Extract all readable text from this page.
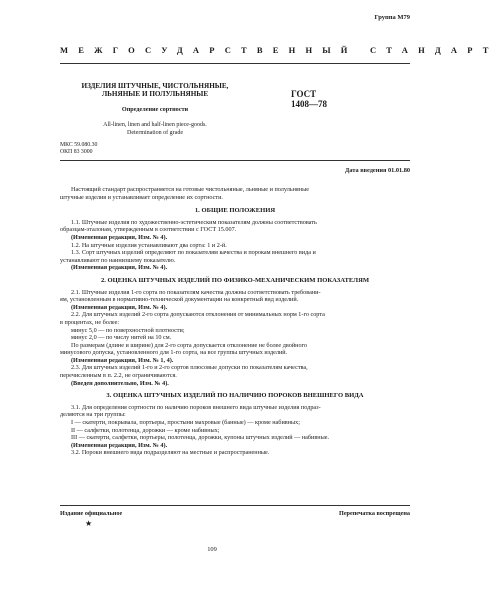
Группа М79
МЕЖГОСУДАРСТВЕННЫЙ СТАНДАРТ
ИЗДЕЛИЯ ШТУЧНЫЕ, ЧИСТОЛЬНЯНЫЕ,
ЛЬНЯНЫЕ И ПОЛУЛЬНЯНЫЕ
Определение сортности
All-linen, linen and half-linen piece-goods.
Determination of grade
ГОСТ
1408—78
МКС 59.080.30
ОКП 83 3000
Дата введения 01.01.80

Настоящий стандарт распространяется на готовые чистольняные, льняные и полульняные

штучные изделия и устанавливает определение их сортности.

1. ОБЩИЕ ПОЛОЖЕНИЯ

1.1. Штучные изделия по художественно-эстетическим показателям должны соответствовать

образцам-эталонам, утвержденным в соответствии с ГОСТ 15.007.

(Измененная редакция, Изм. № 4).

1.2. На штучные изделия устанавливают два сорта: 1 и 2-й.

1.3. Сорт штучных изделий определяют по показателям качества и порокам внешнего вида и

устанавливают по наинизшему показателю.

(Измененная редакция, Изм. № 4).

2. ОЦЕНКА ШТУЧНЫХ ИЗДЕЛИЙ ПО ФИЗИКО-МЕХАНИЧЕСКИМ ПОКАЗАТЕЛЯМ

2.1. Штучные изделия 1-го сорта по показателям качества должны соответствовать требовани-

ям, установленным в нормативно-технической документации на конкретный вид изделий.

(Измененная редакция, Изм. № 4).

2.2. Для штучных изделий 2-го сорта допускаются отклонения от минимальных норм 1-го сорта

в процентах, не более:

минус 5,0 — по поверхностной плотности;

минус 2,0 — по числу нитей на 10 см.

По размерам (длине и ширине) для 2-го сорта допускается отклонение не более двойного

минусового допуска, установленного для 1-го сорта, на все группы штучных изделий.

(Измененная редакция, Изм. № 1, 4).

2.3. Для штучных изделий 1-го и 2-го сортов плюсовые допуски по показателям качества,

перечисленным в п. 2.2, не ограничиваются.

(Введен дополнительно, Изм. № 4).

3. ОЦЕНКА ШТУЧНЫХ ИЗДЕЛИЙ ПО НАЛИЧИЮ ПОРОКОВ ВНЕШНЕГО ВИДА

3.1. Для определения сортности по наличию пороков внешнего вида штучные изделия подраз-

деляются на три группы:

I — скатерти, покрывала, портьеры, простыни махровые (банные) — кроме набивных;

II — салфетки, полотенца, дорожки — кроме набивных;

III — скатерти, салфетки, портьеры, полотенца, дорожки, купоны штучных изделий — набивные.

(Измененная редакция, Изм. № 4).

3.2. Пороки внешнего вида подразделяют на местные и распространенные.

Издание официальное
★
Перепечатка воспрещена
109
